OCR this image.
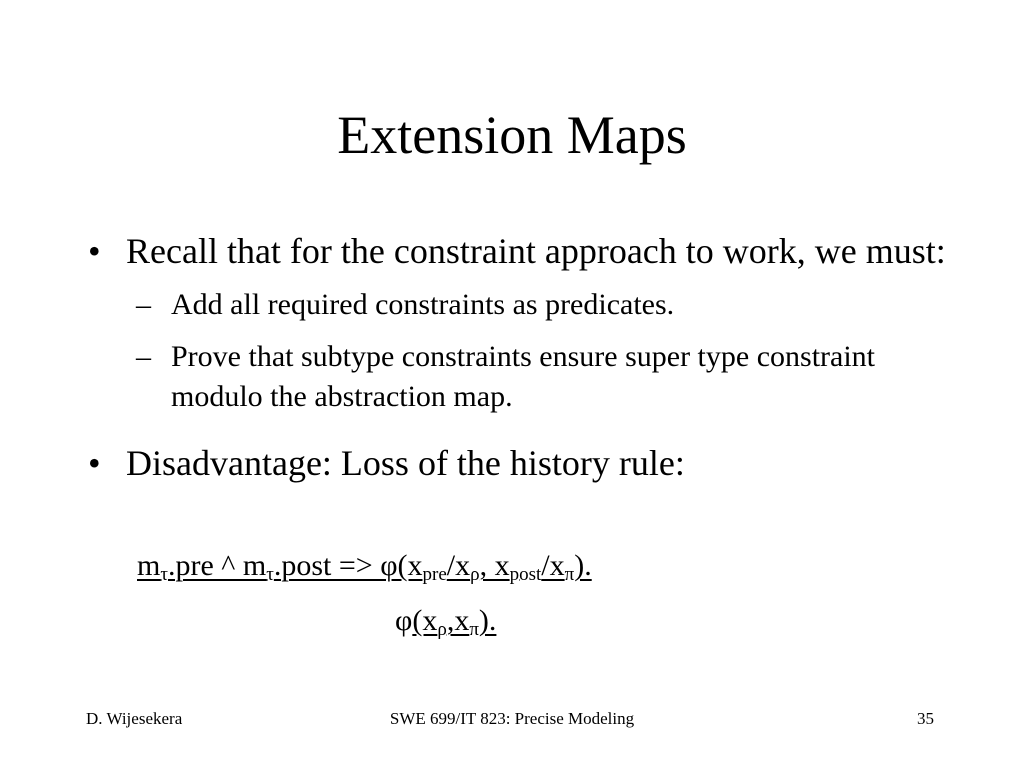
Extension Maps
• Recall that for the constraint approach to work, we must:
– Add all required constraints as predicates.
– Prove that subtype constraints ensure super type constraint modulo the abstraction map.
• Disadvantage: Loss of the history rule:
$m_\tau.pre$ ^ $m_\tau.post => \varphi(x_{pre}/x_\rho$, $x_{post}/x_\pi$).
$\varphi(x_\rho,x_\pi)$.
D. Wijesekera	SWE 699/IT 823: Precise Modeling	35
